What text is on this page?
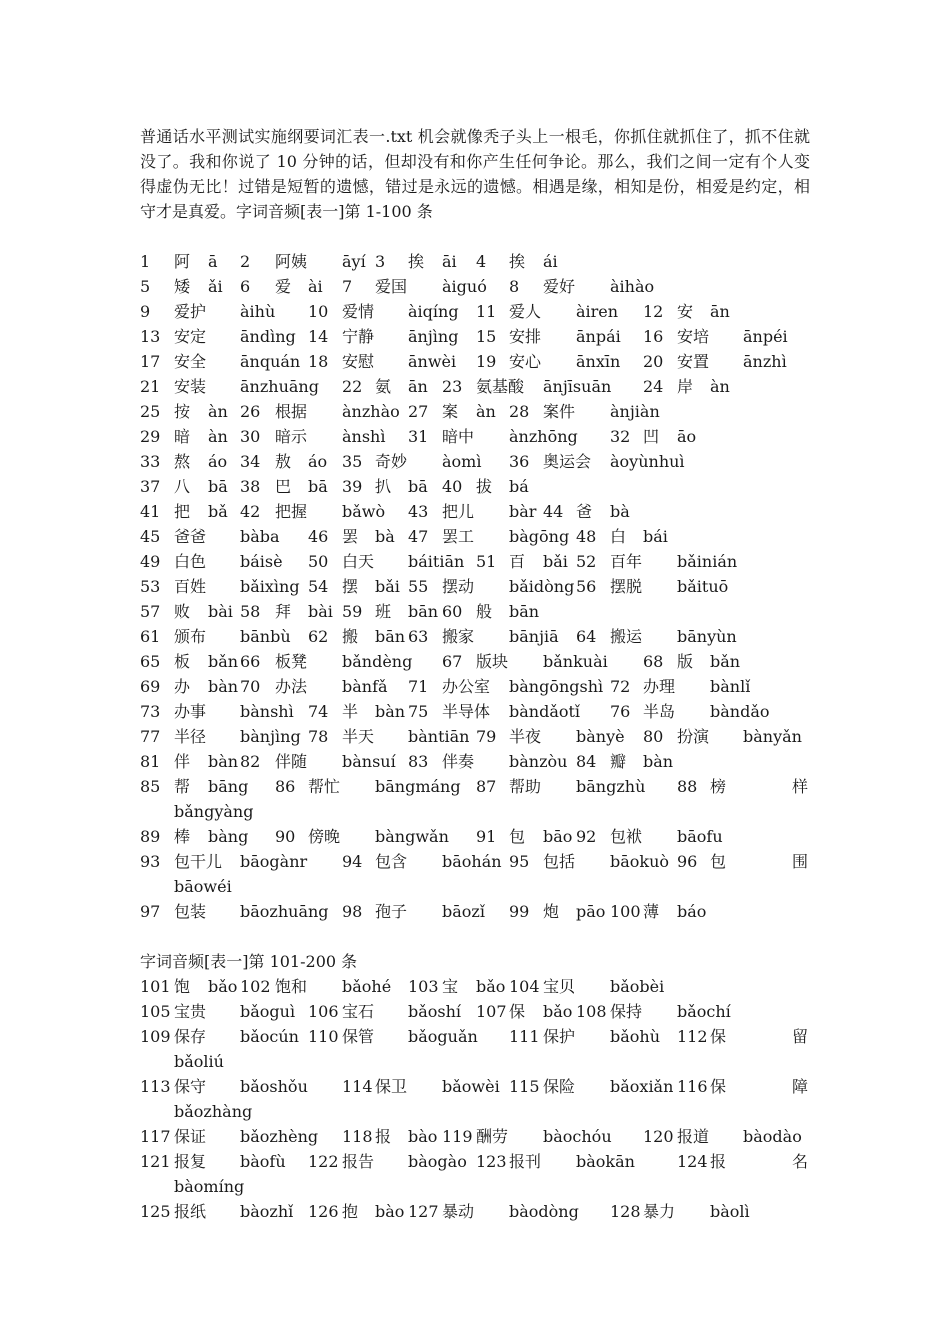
普通话水平测试实施纲要词汇表一.txt 机会就像秃子头上一根毛，你抓住就抓住了，抓不住就没了。我和你说了 10 分钟的话，但却没有和你产生任何争论。那么，我们之间一定有个人变得虚伪无比！过错是短暂的遗憾，错过是永远的遗憾。相遇是缘，相知是份，相爱是约定，相守才是真爱。字词音频[表一]第 1-100 条

1 阿 ā 2 阿姨 āyí 3 挨 āi 4 挨 ái
5 矮 ǎi 6 爱 ài 7 爱国 àiguó 8 爱好 àihào
9 爱护 àihù 10 爱情 àiqíng 11 爱人 àiren 12 安 ān
13 安定 āndìng 14 宁静 ānjìng 15 安排 ānpái 16 安培 ānpéi
17 安全 ānquán 18 安慰 ānwèi 19 安心 ānxīn 20 安置 ānzhì
21 安装 ānzhuāng 22 氨 ān 23 氨基酸 ānjīsuān 24 岸 àn
25 按 àn 26 根据 ànzhào 27 案 àn 28 案件 ànjiàn
29 暗 àn 30 暗示 ànshì 31 暗中 ànzhōng 32 凹 āo
33 熬 áo 34 敖 áo 35 奇妙 àomì 36 奥运会 àoyùnhuì
37 八 bā 38 巴 bā 39 扒 bā 40 拔 bá
41 把 bǎ 42 把握 bǎwò 43 把儿 bàr 44 爸 bà
45 爸爸 bàba 46 罢 bà 47 罢工 bàgōng 48 白 bái
49 白色 báisè 50 白天 báitiān 51 百 bǎi 52 百年 bǎinián
53 百姓 bǎixìng 54 摆 bǎi 55 摆动 bǎidòng 56 摆脱 bǎituō
57 败 bài 58 拜 bài 59 班 bān 60 般 bān
61 颁布 bānbù 62 搬 bān 63 搬家 bānjiā 64 搬运 bānyùn
65 板 bǎn 66 板凳 bǎndèng 67 版块 bǎnkuài 68 版 bǎn
69 办 bàn 70 办法 bànfǎ 71 办公室 bàngōngshì 72 办理 bànlǐ
73 办事 bànshì 74 半 bàn 75 半导体 bàndǎotǐ 76 半岛 bàndǎo
77 半径 bànjìng 78 半天 bàntiān 79 半夜 bànyè 80 扮演 bànyǎn
81 伴 bàn 82 伴随 bànsuí 83 伴奏 bànzòu 84 瓣 bàn
85 帮 bāng 86 帮忙 bāngmáng 87 帮助 bāngzhù 88 榜	样
bǎngyàng
89 棒 bàng 90 傍晚 bàngwǎn 91 包 bāo 92 包袱 bāofu
93 包干儿 bāogànr 94 包含 bāohán 95 包括 bāokuò 96 包	围
bāowéi
97 包装 bāozhuāng 98 孢子 bāozǐ 99 炮 pāo 100 薄 báo

字词音频[表一]第 101-200 条

101 饱 bǎo 102 饱和 bǎohé 103 宝 bǎo 104 宝贝 bǎobèi
105 宝贵 bǎoguì 106 宝石 bǎoshí 107 保 bǎo 108 保持 bǎochí
109 保存 bǎocún 110 保管 bǎoguǎn 111 保护 bǎohù 112 保	留
bǎoliú
113 保守 bǎoshǒu 114 保卫 bǎowèi 115 保险 bǎoxiǎn 116 保	障
bǎozhàng
117 保证 bǎozhèng 118 报 bào 119 酬劳 bàochóu 120 报道 bàodào
121 报复 bàofù 122 报告 bàogào 123 报刊 bàokān	124 报	名
bàomíng
125 报纸 bàozhǐ 126 抱 bào 127 暴动 bàodòng 128 暴力 bàolì
